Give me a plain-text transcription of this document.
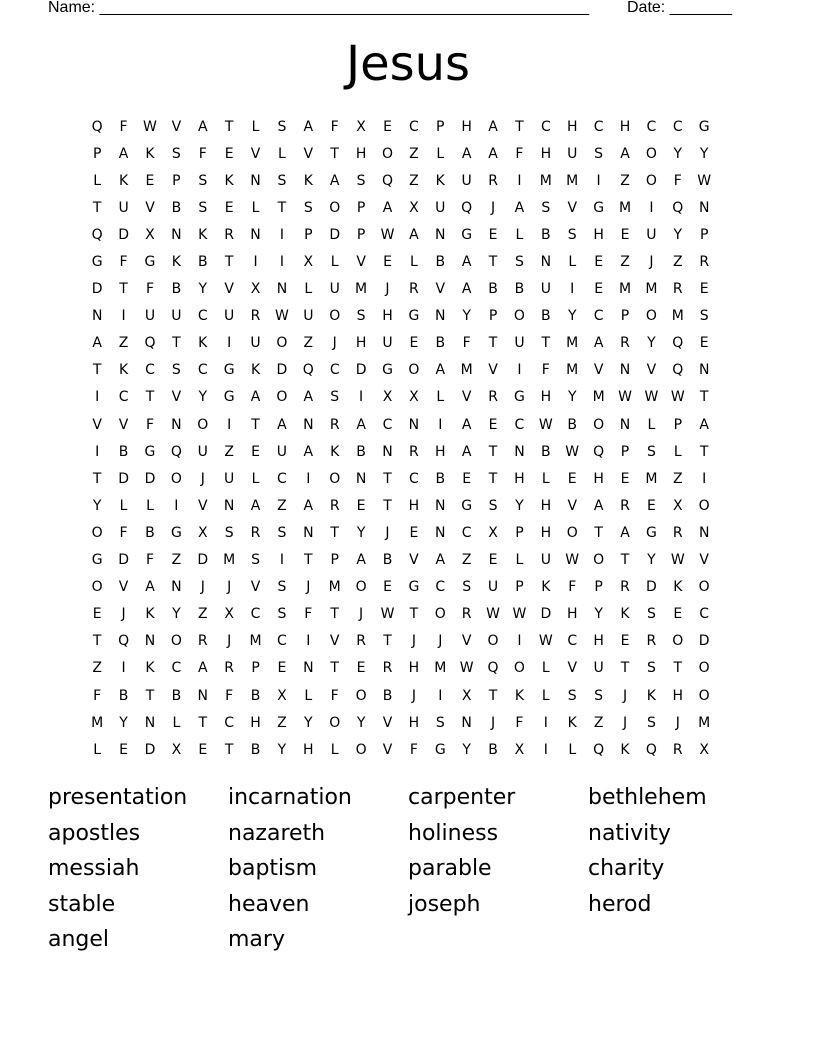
Name: _______________________________________________________ Date: _______
Jesus
Q	F	W	V	A	T	L	S	A	F	X	E	C	P	H	A	T	C	H	C	H	C	C	G
P	A	K	S	F	E	V	L	V	T	H	O	Z	L	A	A	F	H	U	S	A	O	Y	Y
L	K	E	P	S	K	N	S	K	A	S	Q	Z	K	U	R	I	M	M	I	Z	O	F	W
T	U	V	B	S	E	L	T	S	O	P	A	X	U	Q	J	A	S	V	G	M	I	Q	N
Q	D	X	N	K	R	N	I	P	D	P	W	A	N	G	E	L	B	S	H	E	U	Y	P
G	F	G	K	B	T	I	I	X	L	V	E	L	B	A	T	S	N	L	E	Z	J	Z	R
D	T	F	B	Y	V	X	N	L	U	M	J	R	V	A	B	B	U	I	E	M	M	R	E
N	I	U	U	C	U	R	W	U	O	S	H	G	N	Y	P	O	B	Y	C	P	O	M	S
A	Z	Q	T	K	I	U	O	Z	J	H	U	E	B	F	T	U	T	M	A	R	Y	Q	E
T	K	C	S	C	G	K	D	Q	C	D	G	O	A	M	V	I	F	M	V	N	V	Q	N
I	C	T	V	Y	G	A	O	A	S	I	X	X	L	V	R	G	H	Y	M W W W	T
V	V	F	N	O	I	T	A	N	R	A	C	N	I	A	E	C	W	B	O	N	L	P	A
I	B	G	Q	U	Z	E	U	A	K	B	N	R	H	A	T	N	B	W Q	P	S	L	T
T	D	D	O	J	U	L	C	I	O	N	T	C	B	E	T	H	L	E	H	E	M	Z	I
Y	L	L	I	V	N	A	Z	A	R	E	T	H	N	G	S	Y	H	V	A	R	E	X	O
O	F	B	G	X	S	R	S	N	T	Y	J	E	N	C	X	P	H	O	T	A	G	R	N
G	D	F	Z	D	M	S	I	T	P	A	B	V	A	Z	E	L	U	W O	T	Y	W	V
O	V	A	N	J	J	V	S	J	M	O	E	G	C	S	U	P	K	F	P	R	D	K	O
E	J	K	Y	Z	X	C	S	F	T	J	W	T	O	R	W W	D	H	Y	K	S	E	C
T	Q	N	O	R	J	M	C	I	V	R	T	J	J	V	O	I	W	C	H	E	R	O	D
Z	I	K	C	A	R	P	E	N	T	E	R	H	M W Q	O	L	V	U	T	S	T	O
F	B	T	B	N	F	B	X	L	F	O	B	J	I	X	T	K	L	S	S	J	K	H	O
M	Y	N	L	T	C	H	Z	Y	O	Y	V	H	S	N	J	F	I	K	Z	J	S	J	M
L	E	D	X	E	T	B	Y	H	L	O	V	F	G	Y	B	X	I	L	Q	K	Q	R	X
presentation	incarnation	carpenter	bethlehem
apostles	nazareth	holiness	nativity
messiah	baptism	parable	charity
stable	heaven	joseph	herod
angel	mary
